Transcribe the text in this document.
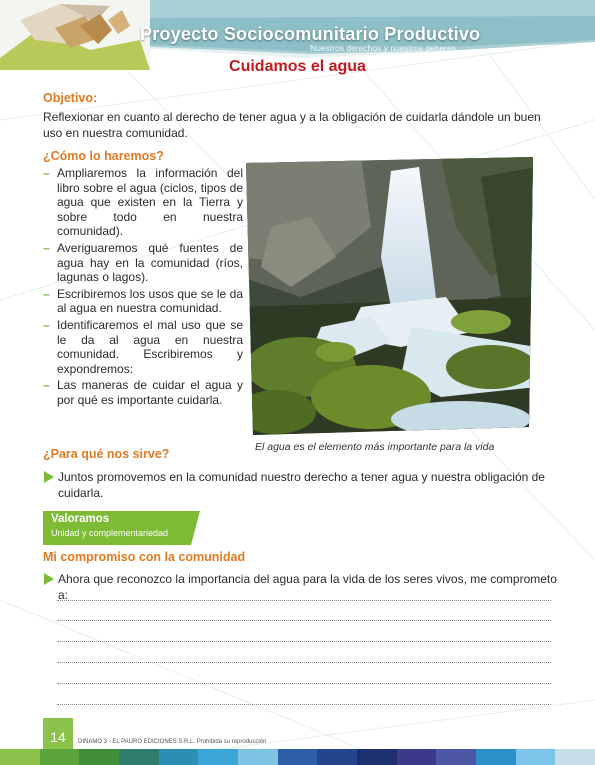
Proyecto Sociocomunitario Productivo
Nuestros derechos y nuestros deberes
Cuidamos el agua
Objetivo:

Reflexionar en cuanto al derecho de tener agua y a la obligación de cuidarla dándole un buen uso en nuestra comunidad.

¿Cómo lo haremos?
– Ampliaremos la información del libro sobre el agua (ciclos, tipos de agua que existen en la Tierra y sobre todo en nuestra comunidad).
– Averiguaremos qué fuentes de agua hay en la comunidad (ríos, lagunas o lagos).
– Escribiremos los usos que se le da al agua en nuestra comunidad.
– Identificaremos el mal uso que se le da al agua en nuestra comunidad. Escribiremos y expondremos:
– Las maneras de cuidar el agua y por qué es importante cuidarla.

El agua es el elemento más importante para la vida

¿Para qué nos sirve?

Juntos promovemos en la comunidad nuestro derecho a tener agua y nuestra obligación de cuidarla.

Valoramos

Unidad y complementariedad

Mi compromiso con la comunidad

Ahora que reconozco la importancia del agua para la vida de los seres vivos, me comprometo a:

14	DINAMO 3 - EL PAURO EDICIONES S.R.L. Prohibida su reproducción
